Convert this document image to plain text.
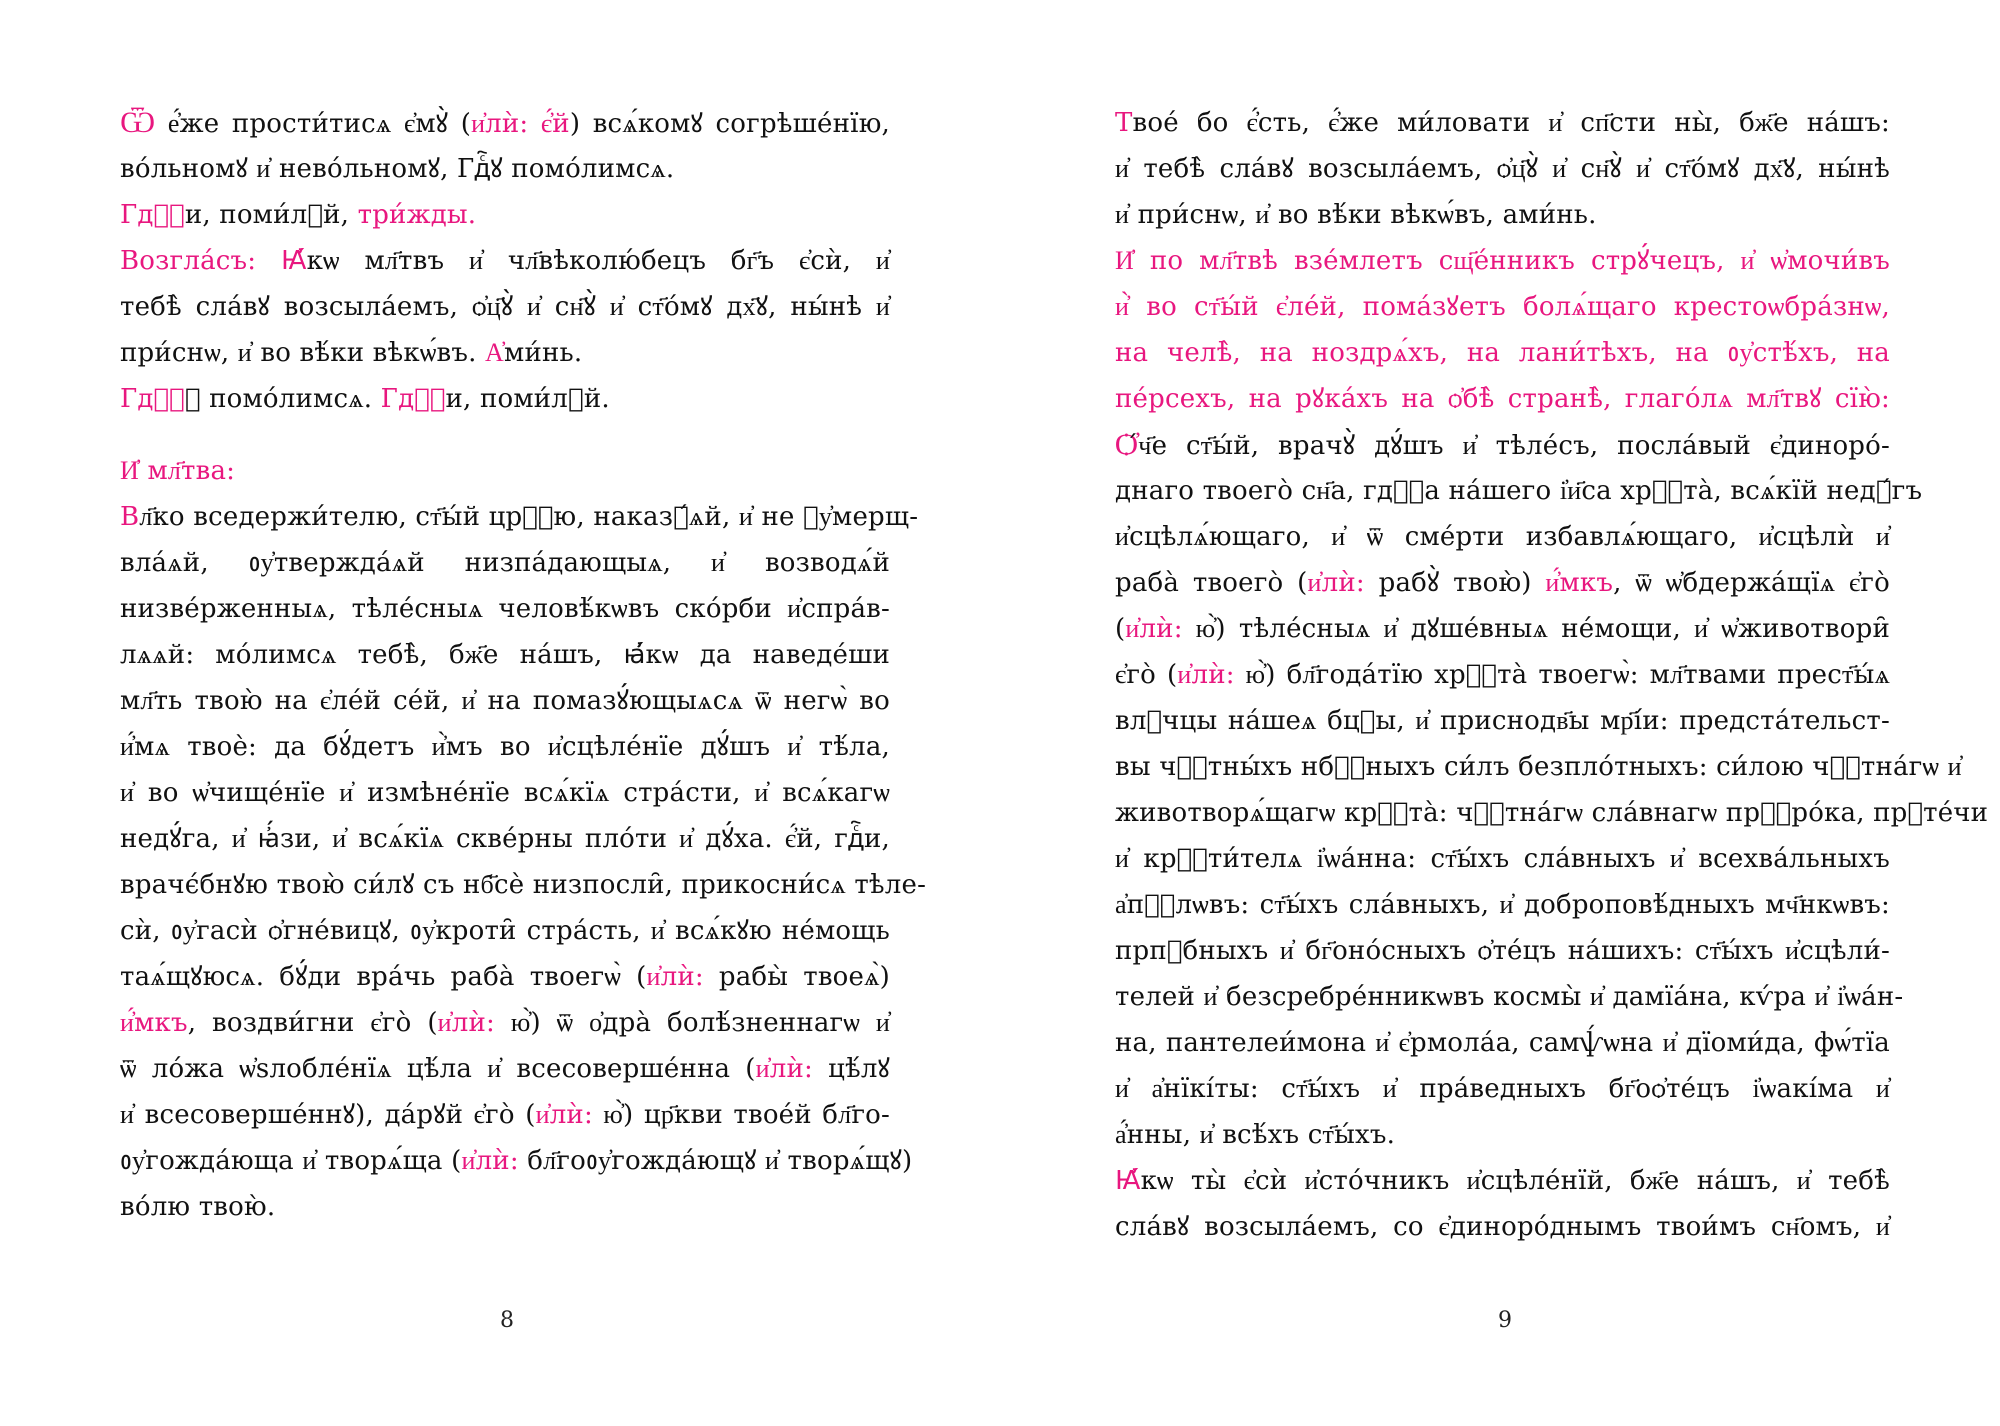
Ѿ е҆́же прости́тисѧ є҆мꙋ̀ (и҆лѝ: є҆́й) всѧ́комꙋ согрѣше́нїю,
во́льномꙋ и҆ нево́льномꙋ, Гдⷭ҇ꙋ помо́лимсѧ.
Гдⷭ҇и, поми́лꙋй, три́жды.
Возгла́съ: Ꙗ҆́кѡ мл҃твъ и҆ чл҃вѣколю́бецъ бг҃ъ є҆сѝ, и҆
тебѣ̀ сла́вꙋ возсыла́емъ, ѻ҆ц҃ꙋ̀ и҆ сн҃ꙋ̀ и҆ ст҃о́мꙋ дх҃ꙋ, ны́нѣ и҆
при́снѡ, и҆ во вѣ́ки вѣкѡ́въ. А҆ми́нь.
Гдⷭ҇ꙋ помо́лимсѧ. Гдⷭ҇и, поми́лꙋй.
И҆ мл҃тва:
Вл҃ко вседержи́телю, ст҃ы́й црⷭ҇ю, наказꙋ́ѧй, и҆ не ᲂу҆мерщ-
вла́ѧй, ᲂу҆твержда́ѧй низпа́дающыѧ, и҆ возводѧ́й
низве́рженныѧ, тѣле́сныѧ человѣ́кѡвъ ско́рби и҆спра́в-
лѧѧй: мо́лимсѧ тебѣ̀, бж҃е на́шъ, ꙗ҆́кѡ да наведе́ши
мл҃ть твою̀ на є҆ле́й се́й, и҆ на помазꙋ́ющыѧсѧ ѿ негѡ̀ во
и҆́мѧ твоѐ: да бꙋ́детъ и҆̀мъ во и҆сцѣле́нїе дꙋ́шъ и҆ тѣ́ла,
и҆ во ѡ҆чище́нїе и҆ измѣне́нїе всѧ́кїѧ стра́сти, и҆ всѧ́кагѡ
недꙋ́га, и҆ ꙗ҆́зи, и҆ всѧ́кїѧ скве́рны пло́ти и҆ дꙋ́ха. є҆́й, гдⷭ҇и,
врачє́бнꙋю твою̀ си́лꙋ съ нб҃сѐ низпосли̑, прикосни́сѧ тѣле-
сѝ, ᲂу҆гасѝ ѻ҆гне́вицꙋ, ᲂу҆кроти̑ стра́сть, и҆ всѧ́кꙋю не́мощь
таѧ́щꙋюсѧ. бꙋ́ди вра́чь раба̀ твоегѡ̀ (и҆лѝ: рабы̀ твоеѧ̀)
и҆́мкъ, воздви́гни є҆го̀ (и҆лѝ: ю҆̀) ѿ о҆дра̀ болѣ́зненнагѡ и҆
ѿ ло́жа ѡ҆ѕлобле́нїѧ цѣ́ла и҆ всесоверше́нна (и҆лѝ: цѣ́лꙋ
и҆ всесоверше́ннꙋ), да́рꙋй є҆го̀ (и҆лѝ: ю҆̀) цр҃кви твое́й бл҃го-
ᲂу҆гожда́юща и҆ творѧ́ща (и҆лѝ: бл҃гоᲂу҆гожда́ющꙋ и҆ творѧ́щꙋ)
во́лю твою̀.
8
Твое́ бо є҆́сть, є҆́же ми́ловати и҆ сп҃сти ны̀, бж҃е на́шъ:
и҆ тебѣ̀ сла́вꙋ возсыла́емъ, ѻ҆ц҃ꙋ̀ и҆ сн҃ꙋ̀ и҆ ст҃о́мꙋ дх҃ꙋ, ны́нѣ
и҆ при́снѡ, и҆ во вѣ́ки вѣкѡ́въ, ами́нь.
И҆ по мл҃твѣ взе́млетъ сщ҃е́нникъ стрꙋ́чецъ, и҆ ѡ҆мочи́въ
и҆̀ во ст҃ы́й є҆ле́й, пома́зꙋетъ болѧ́щаго крестоѡбра́знѡ,
на челѣ̀, на ноздрѧ́хъ, на лани́тѣхъ, на ᲂу҆стѣ́хъ, на
пе́рсехъ, на рꙋка́хъ на ѻ҆бѣ̀ странѣ̀, глаго́лѧ мл҃твꙋ сїю̀:
Ѻ҆́ч҃е ст҃ы́й, врачꙋ̀ дꙋ́шъ и҆ тѣле́съ, посла́вый є҆диноро́-
днаго твоего̀ сн҃а, гдⷭ҇а на́шего і҆и҃са хрⷭ҇та̀, всѧ́кїй недꙋ́гъ
и҆сцѣлѧ́ющаго, и҆ ѿ сме́рти избавлѧ́ющаго, и҆сцѣлѝ и҆
раба̀ твоего̀ (и҆лѝ: рабꙋ̀ твою̀) и҆́мкъ, ѿ ѡ҆бдержа́щїѧ є҆го̀
(и҆лѝ: ю҆̀) тѣле́сныѧ и҆ дꙋше́вныѧ не́мощи, и҆ ѡ҆животвори̑
є҆го̀ (и҆лѝ: ю҆̀) бл҃года́тїю хрⷭ҇та̀ твоегѡ̀: мл҃твами прест҃ы́ѧ
влⷣчцы на́шеѧ бцⷣы, и҆ приснодв҃ы мр҃і́и: предста́тельст-
вы чⷭ҇тны́хъ нбⷭ҇ныхъ си́лъ безпло́тныхъ: си́лою чⷭ҇тна́гѡ и҆
животворѧ́щагѡ крⷭ҇та̀: чⷭ҇тна́гѡ сла́внагѡ прⷪ҇ро́ка, прⷣте́чи
и҆ крⷭ҇ти́телѧ і҆ѡа́нна: ст҃ы́хъ сла́вныхъ и҆ всехва́льныхъ
а҆пⷭ҇лѡвъ: ст҃ы́хъ сла́вныхъ, и҆ доброповѣ́дныхъ мч҃нкѡвъ:
прпⷣбныхъ и҆ бг҃оно́сныхъ ѻ҆те́цъ на́шихъ: ст҃ы́хъ и҆сцѣли́-
телей и҆ безсребре́нникѡвъ космы̀ и҆ дамїа́на, кѵ́ра и҆ і҆ѡа́н-
на, пантелеи́мона и҆ є҆рмола́а, самѱ́ѡна и҆ дїоми́да, фѡ́тїа
и҆ а҆нїкі́ты: ст҃ы́хъ и҆ пра́ведныхъ бг҃оѻ҆те́цъ і҆ѡакі́ма и҆
а҆́нны, и҆ всѣ́хъ ст҃ы́хъ.
Ꙗ҆́кѡ ты̀ є҆сѝ и҆сто́чникъ и҆сцѣле́нїй, бж҃е на́шъ, и҆ тебѣ̀
сла́вꙋ возсыла́емъ, со є҆диноро́днымъ твои́мъ сн҃омъ, и҆
9
